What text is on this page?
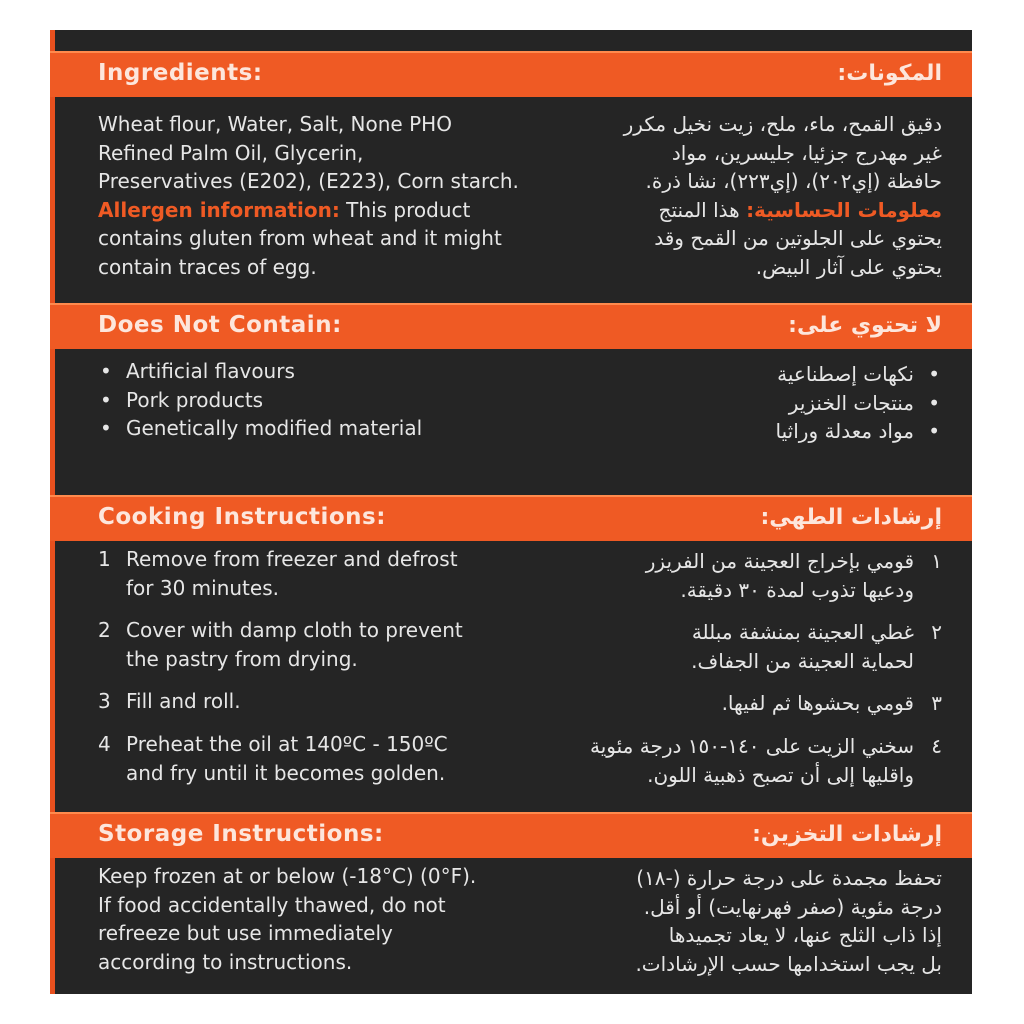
Ingredients:	المكونات:
Wheat flour, Water, Salt, None PHO
Refined Palm Oil, Glycerin,
Preservatives (E202), (E223), Corn starch.
Allergen information: This product
contains gluten from wheat and it might
contain traces of egg.
دقيق القمح، ماء، ملح، زيت نخيل مكرر
غير مهدرج جزئيا، جليسرين، مواد
حافظة (إي٢٠٢)، (إي٢٢٣)، نشا ذرة.
معلومات الحساسية: هذا المنتج
يحتوي على الجلوتين من القمح وقد
يحتوي على آثار البيض.
Does Not Contain:	لا تحتوي على:
• Artificial flavours
• Pork products
• Genetically modified material
• نكهات إصطناعية
• منتجات الخنزير
• مواد معدلة وراثيا
Cooking Instructions:	إرشادات الطهي:
1 Remove from freezer and defrost
for 30 minutes.
١
قومي بإخراج العجينة من الفريزر
ودعيها تذوب لمدة ٣٠ دقيقة.
2 Cover with damp cloth to prevent
the pastry from drying.
٢
غطي العجينة بمنشفة مبللة
لحماية العجينة من الجفاف.
3 Fill and roll.	٣
قومي بحشوها ثم لفيها.
4 Preheat the oil at 140ºC - 150ºC
and fry until it becomes golden.
٤
سخني الزيت على ١٤٠-١٥٠ درجة مئوية
واقليها إلى أن تصبح ذهبية اللون.
Storage Instructions:	إرشادات التخزين:
Keep frozen at or below (-18°C) (0°F).
If food accidentally thawed, do not
refreeze but use immediately
according to instructions.
تحفظ مجمدة على درجة حرارة (-١٨)
درجة مئوية (صفر فهرنهايت) أو أقل.
إذا ذاب الثلج عنها، لا يعاد تجميدها
بل يجب استخدامها حسب الإرشادات.
